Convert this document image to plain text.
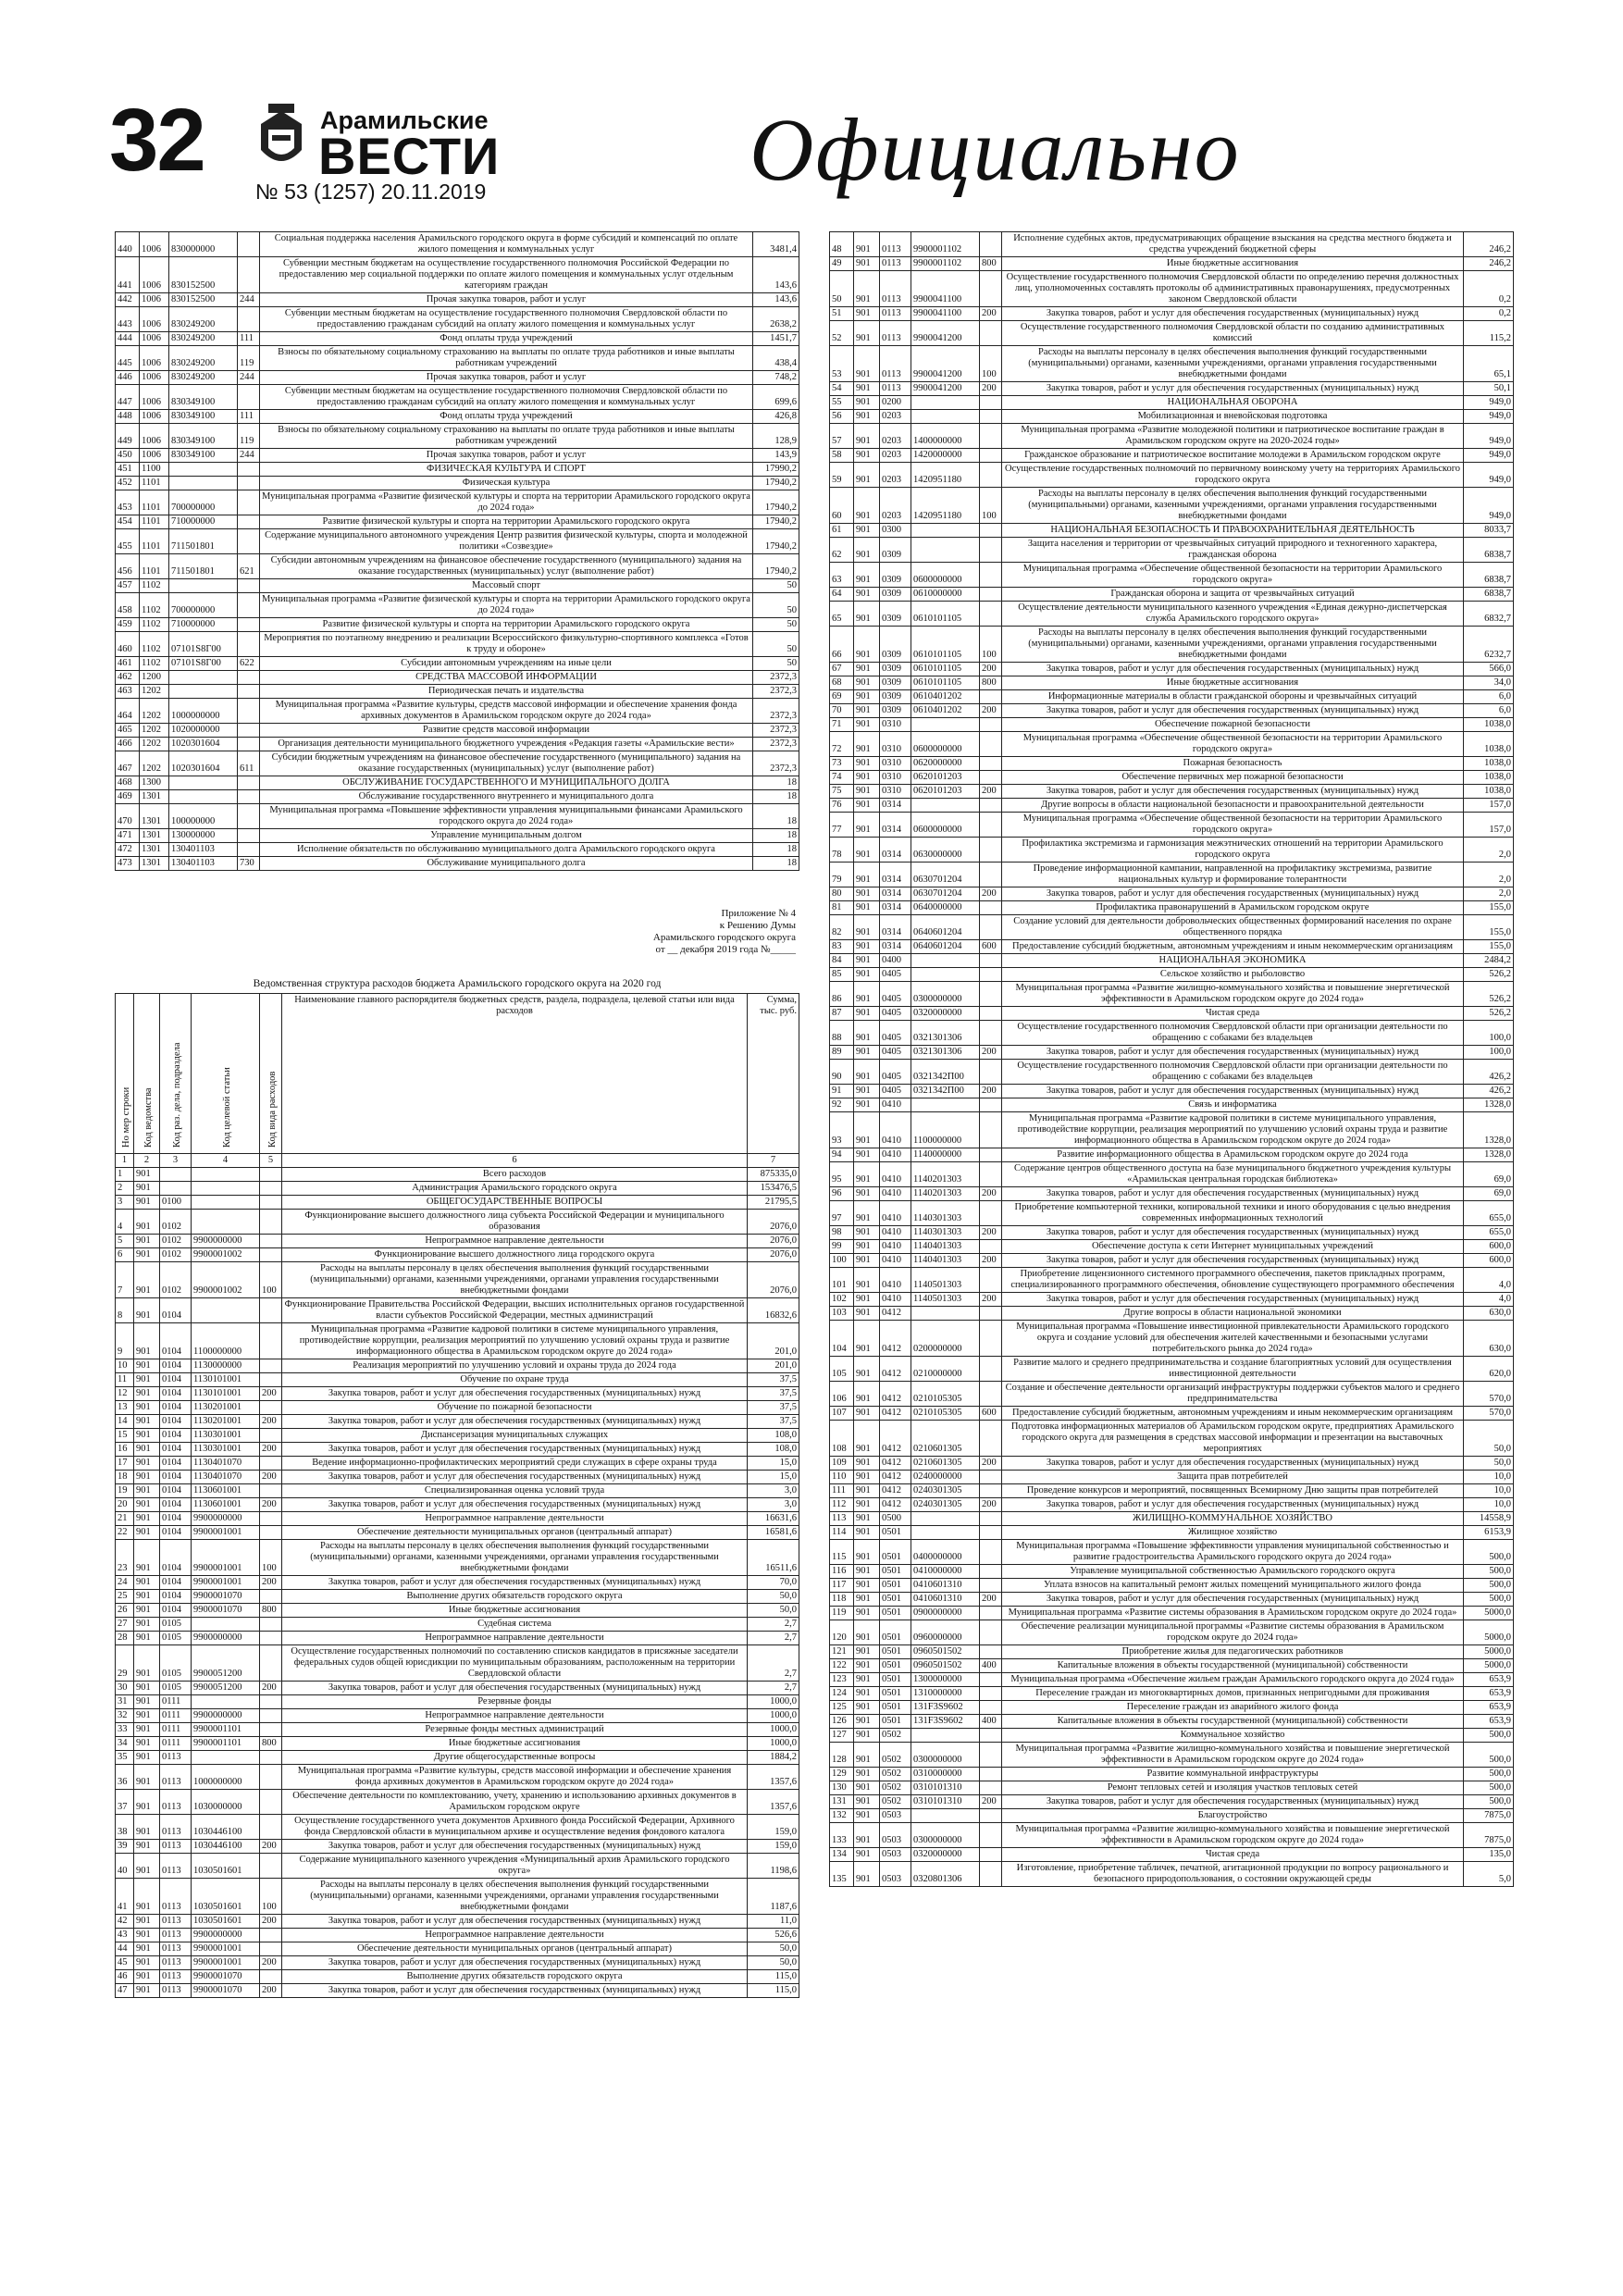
32	Арамильские
ВЕСТИ
№ 53 (1257) 20.11.2019	Официально
440	1006	830000000		Социальная поддержка населения Арамильского городского округа в форме субсидий и компенсаций по оплате жилого помещения и коммунальных услуг	3481,4
441	1006	830152500		Субвенции местным бюджетам на осуществление государственного полномочия Российской Федерации по предоставлению мер социальной поддержки по оплате жилого помещения и коммунальных услуг отдельным категориям граждан	143,6
442	1006	830152500	244	Прочая закупка товаров, работ и услуг	143,6
443	1006	830249200		Субвенции местным бюджетам на осуществление государственного полномочия Свердловской области по предоставлению гражданам субсидий на оплату жилого помещения и коммунальных услуг	2638,2
444	1006	830249200	111	Фонд оплаты труда учреждений	1451,7
445	1006	830249200	119	Взносы по обязательному социальному страхованию на выплаты по оплате труда работников и иные выплаты работникам учреждений	438,4
446	1006	830249200	244	Прочая закупка товаров, работ и услуг	748,2
447	1006	830349100		Субвенции местным бюджетам на осуществление государственного полномочия Свердловской области по предоставлению гражданам субсидий на оплату жилого помещения и коммунальных услуг	699,6
448	1006	830349100	111	Фонд оплаты труда учреждений	426,8
449	1006	830349100	119	Взносы по обязательному социальному страхованию на выплаты по оплате труда работников и иные выплаты работникам учреждений	128,9
450	1006	830349100	244	Прочая закупка товаров, работ и услуг	143,9
451	1100			ФИЗИЧЕСКАЯ КУЛЬТУРА И СПОРТ	17990,2
452	1101			Физическая культура	17940,2
453	1101	700000000		Муниципальная программа «Развитие физической культуры и спорта на территории Арамильского городского округа до 2024 года»	17940,2
454	1101	710000000		Развитие физической культуры и спорта на территории Арамильского городского округа	17940,2
455	1101	711501801		Содержание муниципального автономного учреждения Центр развития физической культуры, спорта и молодежной политики «Созвездие»	17940,2
456	1101	711501801	621	Субсидии автономным учреждениям на финансовое обеспечение государственного (муниципального) задания на оказание государственных (муниципальных) услуг (выполнение работ)	17940,2
457	1102			Массовый спорт	50
458	1102	700000000		Муниципальная программа «Развитие физической культуры и спорта на территории Арамильского городского округа до 2024 года»	50
459	1102	710000000		Развитие физической культуры и спорта на территории Арамильского городского округа	50
460	1102	07101S8Г00		Мероприятия по поэтапному внедрению и реализации Всероссийского физкультурно-спортивного комплекса «Готов к труду и обороне»	50
461	1102	07101S8Г00	622	Субсидии автономным учреждениям на иные цели	50
462	1200			СРЕДСТВА МАССОВОЙ ИНФОРМАЦИИ	2372,3
463	1202			Периодическая печать и издательства	2372,3
464	1202	1000000000		Муниципальная программа «Развитие культуры, средств массовой информации и обеспечение хранения фонда архивных документов в Арамильском городском округе до 2024 года»	2372,3
465	1202	1020000000		Развитие средств массовой информации	2372,3
466	1202	1020301604		Организация деятельности муниципального бюджетного учреждения «Редакция газеты «Арамильские вести»	2372,3
467	1202	1020301604	611	Субсидии бюджетным учреждениям на финансовое обеспечение государственного (муниципального) задания на оказание государственных (муниципальных) услуг (выполнение работ)	2372,3
468	1300			ОБСЛУЖИВАНИЕ ГОСУДАРСТВЕННОГО И МУНИЦИПАЛЬНОГО ДОЛГА	18
469	1301			Обслуживание государственного внутреннего и муниципального долга	18
470	1301	100000000		Муниципальная программа «Повышение эффективности управления муниципальными финансами Арамильского городского округа до 2024 года»	18
471	1301	130000000		Управление муниципальным долгом	18
472	1301	130401103		Исполнение обязательств по обслуживанию муниципального долга Арамильского городского округа	18
473	1301	130401103	730	Обслуживание муниципального долга	18
Приложение № 4
к Решению Думы
Арамильского городского округа
от __ декабря 2019 года №_____
Ведомственная структура расходов бюджета Арамильского городского округа на 2020 год
Но мер строки	Код ведомства	Код раз. дела, подраздела	Код целевой статьи	Код вида расходов	Наименование главного распорядителя бюджетных средств, раздела, подраздела, целевой статьи или вида расходов	Сумма, тыс. руб.
1	2	3	4	5	6	7
1	901				Всего расходов	875335,0
2	901				Администрация Арамильского городского округа	153476,5
3	901	0100			ОБЩЕГОСУДАРСТВЕННЫЕ ВОПРОСЫ	21795,5
4	901	0102			Функционирование высшего должностного лица субъекта Российской Федерации и муниципального образования	2076,0
5	901	0102	9900000000		Непрограммное направление деятельности	2076,0
6	901	0102	9900001002		Функционирование высшего должностного лица городского округа	2076,0
7	901	0102	9900001002	100	Расходы на выплаты персоналу в целях обеспечения выполнения функций государственными (муниципальными) органами, казенными учреждениями, органами управления государственными внебюджетными фондами	2076,0
8	901	0104			Функционирование Правительства Российской Федерации, высших исполнительных органов государственной власти субъектов Российской Федерации, местных администраций	16832,6
9	901	0104	1100000000		Муниципальная программа «Развитие кадровой политики в системе муниципального управления, противодействие коррупции, реализация мероприятий по улучшению условий охраны труда и развитие информационного общества в Арамильском городском округе до 2024 года»	201,0
10	901	0104	1130000000		Реализация мероприятий по улучшению условий и охраны труда до 2024 года	201,0
11	901	0104	1130101001		Обучение по охране труда	37,5
12	901	0104	1130101001	200	Закупка товаров, работ и услуг для обеспечения государственных (муниципальных) нужд	37,5
13	901	0104	1130201001		Обучение по пожарной безопасности	37,5
14	901	0104	1130201001	200	Закупка товаров, работ и услуг для обеспечения государственных (муниципальных) нужд	37,5
15	901	0104	1130301001		Диспансеризация муниципальных служащих	108,0
16	901	0104	1130301001	200	Закупка товаров, работ и услуг для обеспечения государственных (муниципальных) нужд	108,0
17	901	0104	1130401070		Ведение информационно-профилактических мероприятий среди служащих в сфере охраны труда	15,0
18	901	0104	1130401070	200	Закупка товаров, работ и услуг для обеспечения государственных (муниципальных) нужд	15,0
19	901	0104	1130601001		Специализированная оценка условий труда	3,0
20	901	0104	1130601001	200	Закупка товаров, работ и услуг для обеспечения государственных (муниципальных) нужд	3,0
21	901	0104	9900000000		Непрограммное направление деятельности	16631,6
22	901	0104	9900001001		Обеспечение деятельности муниципальных органов (центральный аппарат)	16581,6
23	901	0104	9900001001	100	Расходы на выплаты персоналу в целях обеспечения выполнения функций государственными (муниципальными) органами, казенными учреждениями, органами управления государственными внебюджетными фондами	16511,6
24	901	0104	9900001001	200	Закупка товаров, работ и услуг для обеспечения государственных (муниципальных) нужд	70,0
25	901	0104	9900001070		Выполнение других обязательств городского округа	50,0
26	901	0104	9900001070	800	Иные бюджетные ассигнования	50,0
27	901	0105			Судебная система	2,7
28	901	0105	9900000000		Непрограммное направление деятельности	2,7
29	901	0105	9900051200		Осуществление государственных полномочий по составлению списков кандидатов в присяжные заседатели федеральных судов общей юрисдикции по муниципальным образованиям, расположенным на территории Свердловской области	2,7
30	901	0105	9900051200	200	Закупка товаров, работ и услуг для обеспечения государственных (муниципальных) нужд	2,7
31	901	0111			Резервные фонды	1000,0
32	901	0111	9900000000		Непрограммное направление деятельности	1000,0
33	901	0111	9900001101		Резервные фонды местных администраций	1000,0
34	901	0111	9900001101	800	Иные бюджетные ассигнования	1000,0
35	901	0113			Другие общегосударственные вопросы	1884,2
36	901	0113	1000000000		Муниципальная программа «Развитие культуры, средств массовой информации и обеспечение хранения фонда архивных документов в Арамильском городском округе до 2024 года»	1357,6
37	901	0113	1030000000		Обеспечение деятельности по комплектованию, учету, хранению и использованию архивных документов в Арамильском городском округе	1357,6
38	901	0113	1030446100		Осуществление государственного учета документов Архивного фонда Российской Федерации, Архивного фонда Свердловской области в муниципальном архиве и осуществление ведения фондового каталога	159,0
39	901	0113	1030446100	200	Закупка товаров, работ и услуг для обеспечения государственных (муниципальных) нужд	159,0
40	901	0113	1030501601		Содержание муниципального казенного учреждения «Муниципальный архив Арамильского городского округа»	1198,6
41	901	0113	1030501601	100	Расходы на выплаты персоналу в целях обеспечения выполнения функций государственными (муниципальными) органами, казенными учреждениями, органами управления государственными внебюджетными фондами	1187,6
42	901	0113	1030501601	200	Закупка товаров, работ и услуг для обеспечения государственных (муниципальных) нужд	11,0
43	901	0113	9900000000		Непрограммное направление деятельности	526,6
44	901	0113	9900001001		Обеспечение деятельности муниципальных органов (центральный аппарат)	50,0
45	901	0113	9900001001	200	Закупка товаров, работ и услуг для обеспечения государственных (муниципальных) нужд	50,0
46	901	0113	9900001070		Выполнение других обязательств городского округа	115,0
47	901	0113	9900001070	200	Закупка товаров, работ и услуг для обеспечения государственных (муниципальных) нужд	115,0
48	901	0113	9900001102		Исполнение судебных актов, предусматривающих обращение взыскания на средства местного бюджета и средства учреждений бюджетной сферы	246,2
49	901	0113	9900001102	800	Иные бюджетные ассигнования	246,2
50	901	0113	9900041100		Осуществление государственного полномочия Свердловской области по определению перечня должностных лиц, уполномоченных составлять протоколы об административных правонарушениях, предусмотренных законом Свердловской области	0,2
51	901	0113	9900041100	200	Закупка товаров, работ и услуг для обеспечения государственных (муниципальных) нужд	0,2
52	901	0113	9900041200		Осуществление государственного полномочия Свердловской области по созданию административных комиссий	115,2
53	901	0113	9900041200	100	Расходы на выплаты персоналу в целях обеспечения выполнения функций государственными (муниципальными) органами, казенными учреждениями, органами управления государственными внебюджетными фондами	65,1
54	901	0113	9900041200	200	Закупка товаров, работ и услуг для обеспечения государственных (муниципальных) нужд	50,1
55	901	0200			НАЦИОНАЛЬНАЯ ОБОРОНА	949,0
56	901	0203			Мобилизационная и вневойсковая подготовка	949,0
57	901	0203	1400000000		Муниципальная программа «Развитие молодежной политики и патриотическое воспитание граждан в Арамильском городском округе на 2020-2024 годы»	949,0
58	901	0203	1420000000		Гражданское образование и патриотическое воспитание молодежи в Арамильском городском округе	949,0
59	901	0203	1420951180		Осуществление государственных полномочий по первичному воинскому учету на территориях Арамильского городского округа	949,0
60	901	0203	1420951180	100	Расходы на выплаты персоналу в целях обеспечения выполнения функций государственными (муниципальными) органами, казенными учреждениями, органами управления государственными внебюджетными фондами	949,0
61	901	0300			НАЦИОНАЛЬНАЯ БЕЗОПАСНОСТЬ И ПРАВООХРАНИТЕЛЬНАЯ ДЕЯТЕЛЬНОСТЬ	8033,7
62	901	0309			Защита населения и территории от чрезвычайных ситуаций природного и техногенного характера, гражданская оборона	6838,7
63	901	0309	0600000000		Муниципальная программа «Обеспечение общественной безопасности на территории Арамильского городского округа»	6838,7
64	901	0309	0610000000		Гражданская оборона и защита от чрезвычайных ситуаций	6838,7
65	901	0309	0610101105		Осуществление деятельности муниципального казенного учреждения «Единая дежурно-диспетчерская служба Арамильского городского округа»	6832,7
66	901	0309	0610101105	100	Расходы на выплаты персоналу в целях обеспечения выполнения функций государственными (муниципальными) органами, казенными учреждениями, органами управления государственными внебюджетными фондами	6232,7
67	901	0309	0610101105	200	Закупка товаров, работ и услуг для обеспечения государственных (муниципальных) нужд	566,0
68	901	0309	0610101105	800	Иные бюджетные ассигнования	34,0
69	901	0309	0610401202		Информационные материалы в области гражданской обороны и чрезвычайных ситуаций	6,0
70	901	0309	0610401202	200	Закупка товаров, работ и услуг для обеспечения государственных (муниципальных) нужд	6,0
71	901	0310			Обеспечение пожарной безопасности	1038,0
72	901	0310	0600000000		Муниципальная программа «Обеспечение общественной безопасности на территории Арамильского городского округа»	1038,0
73	901	0310	0620000000		Пожарная безопасность	1038,0
74	901	0310	0620101203		Обеспечение первичных мер пожарной безопасности	1038,0
75	901	0310	0620101203	200	Закупка товаров, работ и услуг для обеспечения государственных (муниципальных) нужд	1038,0
76	901	0314			Другие вопросы в области национальной безопасности и правоохранительной деятельности	157,0
77	901	0314	0600000000		Муниципальная программа «Обеспечение общественной безопасности на территории Арамильского городского округа»	157,0
78	901	0314	0630000000		Профилактика экстремизма и гармонизация межэтнических отношений на территории Арамильского городского округа	2,0
79	901	0314	0630701204		Проведение информационной кампании, направленной на профилактику экстремизма, развитие национальных культур и формирование толерантности	2,0
80	901	0314	0630701204	200	Закупка товаров, работ и услуг для обеспечения государственных (муниципальных) нужд	2,0
81	901	0314	0640000000		Профилактика правонарушений в Арамильском городском округе	155,0
82	901	0314	0640601204		Создание условий для деятельности добровольческих общественных формирований населения по охране общественного порядка	155,0
83	901	0314	0640601204	600	Предоставление субсидий бюджетным, автономным учреждениям и иным некоммерческим организациям	155,0
84	901	0400			НАЦИОНАЛЬНАЯ ЭКОНОМИКА	2484,2
85	901	0405			Сельское хозяйство и рыболовство	526,2
86	901	0405	0300000000		Муниципальная программа «Развитие жилищно-коммунального хозяйства и повышение энергетической эффективности в Арамильском городском округе до 2024 года»	526,2
87	901	0405	0320000000		Чистая среда	526,2
88	901	0405	0321301306		Осуществление государственного полномочия Свердловской области при организации деятельности по обращению с собаками без владельцев	100,0
89	901	0405	0321301306	200	Закупка товаров, работ и услуг для обеспечения государственных (муниципальных) нужд	100,0
90	901	0405	0321342П00		Осуществление государственного полномочия Свердловской области при организации деятельности по обращению с собаками без владельцев	426,2
91	901	0405	0321342П00	200	Закупка товаров, работ и услуг для обеспечения государственных (муниципальных) нужд	426,2
92	901	0410			Связь и информатика	1328,0
93	901	0410	1100000000		Муниципальная программа «Развитие кадровой политики в системе муниципального управления, противодействие коррупции, реализация мероприятий по улучшению условий охраны труда и развитие информационного общества в Арамильском городском округе до 2024 года»	1328,0
94	901	0410	1140000000		Развитие информационного общества в Арамильском городском округе до 2024 года	1328,0
95	901	0410	1140201303		Содержание центров общественного доступа на базе муниципального бюджетного учреждения культуры «Арамильская центральная городская библиотека»	69,0
96	901	0410	1140201303	200	Закупка товаров, работ и услуг для обеспечения государственных (муниципальных) нужд	69,0
97	901	0410	1140301303		Приобретение компьютерной техники, копировальной техники и иного оборудования с целью внедрения современных информационных технологий	655,0
98	901	0410	1140301303	200	Закупка товаров, работ и услуг для обеспечения государственных (муниципальных) нужд	655,0
99	901	0410	1140401303		Обеспечение доступа к сети Интернет муниципальных учреждений	600,0
100	901	0410	1140401303	200	Закупка товаров, работ и услуг для обеспечения государственных (муниципальных) нужд	600,0
101	901	0410	1140501303		Приобретение лицензионного системного программного обеспечения, пакетов прикладных программ, специализированного программного обеспечения, обновление существующего программного обеспечения	4,0
102	901	0410	1140501303	200	Закупка товаров, работ и услуг для обеспечения государственных (муниципальных) нужд	4,0
103	901	0412			Другие вопросы в области национальной экономики	630,0
104	901	0412	0200000000		Муниципальная программа «Повышение инвестиционной привлекательности Арамильского городского округа и создание условий для обеспечения жителей качественными и безопасными услугами потребительского рынка до 2024 года»	630,0
105	901	0412	0210000000		Развитие малого и среднего предпринимательства и создание благоприятных условий для осуществления инвестиционной деятельности	620,0
106	901	0412	0210105305		Создание и обеспечение деятельности организаций инфраструктуры поддержки субъектов малого и среднего предпринимательства	570,0
107	901	0412	0210105305	600	Предоставление субсидий бюджетным, автономным учреждениям и иным некоммерческим организациям	570,0
108	901	0412	0210601305		Подготовка информационных материалов об Арамильском городском округе, предприятиях Арамильского городского округа для размещения в средствах массовой информации и презентации на выставочных мероприятиях	50,0
109	901	0412	0210601305	200	Закупка товаров, работ и услуг для обеспечения государственных (муниципальных) нужд	50,0
110	901	0412	0240000000		Защита прав потребителей	10,0
111	901	0412	0240301305		Проведение конкурсов и мероприятий, посвященных Всемирному Дню защиты прав потребителей	10,0
112	901	0412	0240301305	200	Закупка товаров, работ и услуг для обеспечения государственных (муниципальных) нужд	10,0
113	901	0500			ЖИЛИЩНО-КОММУНАЛЬНОЕ ХОЗЯЙСТВО	14558,9
114	901	0501			Жилищное хозяйство	6153,9
115	901	0501	0400000000		Муниципальная программа «Повышение эффективности управления муниципальной собственностью и развитие градостроительства Арамильского городского округа до 2024 года»	500,0
116	901	0501	0410000000		Управление муниципальной собственностью Арамильского городского округа	500,0
117	901	0501	0410601310		Уплата взносов на капитальный ремонт жилых помещений муниципального жилого фонда	500,0
118	901	0501	0410601310	200	Закупка товаров, работ и услуг для обеспечения государственных (муниципальных) нужд	500,0
119	901	0501	0900000000		Муниципальная программа «Развитие системы образования в Арамильском городском округе до 2024 года»	5000,0
120	901	0501	0960000000		Обеспечение реализации муниципальной программы «Развитие системы образования в Арамильском городском округе до 2024 года»	5000,0
121	901	0501	0960501502		Приобретение жилья для педагогических работников	5000,0
122	901	0501	0960501502	400	Капитальные вложения в объекты государственной (муниципальной) собственности	5000,0
123	901	0501	1300000000		Муниципальная программа «Обеспечение жильем граждан Арамильского городского округа до 2024 года»	653,9
124	901	0501	1310000000		Переселение граждан из многоквартирных домов, признанных непригодными для проживания	653,9
125	901	0501	131F3S9602		Переселение граждан из аварийного жилого фонда	653,9
126	901	0501	131F3S9602	400	Капитальные вложения в объекты государственной (муниципальной) собственности	653,9
127	901	0502			Коммунальное хозяйство	500,0
128	901	0502	0300000000		Муниципальная программа «Развитие жилищно-коммунального хозяйства и повышение энергетической эффективности в Арамильском городском округе до 2024 года»	500,0
129	901	0502	0310000000		Развитие коммунальной инфраструктуры	500,0
130	901	0502	0310101310		Ремонт тепловых сетей и изоляция участков тепловых сетей	500,0
131	901	0502	0310101310	200	Закупка товаров, работ и услуг для обеспечения государственных (муниципальных) нужд	500,0
132	901	0503			Благоустройство	7875,0
133	901	0503	0300000000		Муниципальная программа «Развитие жилищно-коммунального хозяйства и повышение энергетической эффективности в Арамильском городском округе до 2024 года»	7875,0
134	901	0503	0320000000		Чистая среда	135,0
135	901	0503	0320801306		Изготовление, приобретение табличек, печатной, агитационной продукции по вопросу рационального и безопасного природопользования, о состоянии окружающей среды	5,0
